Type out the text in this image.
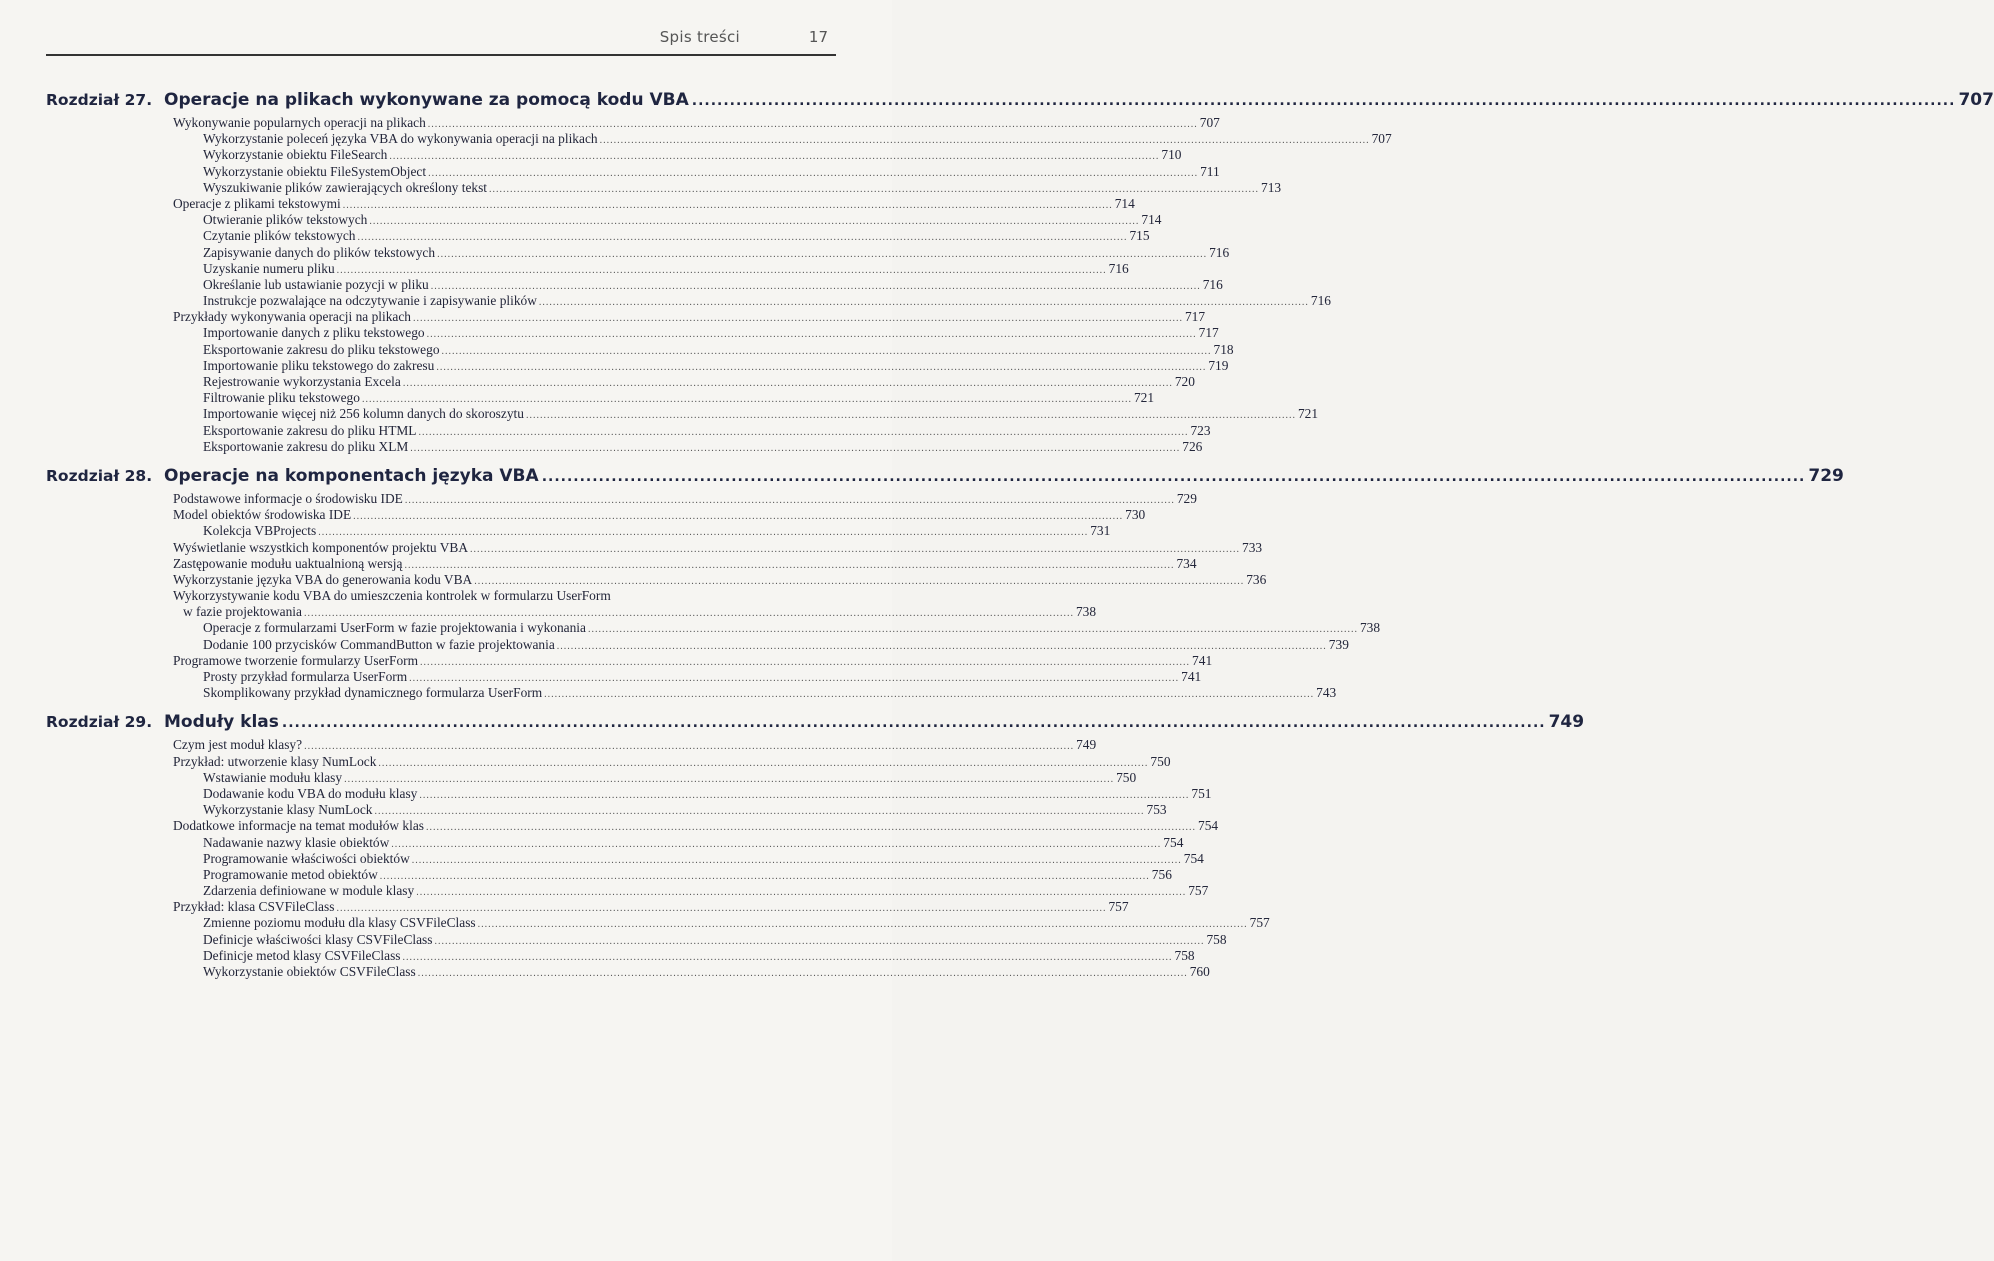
Spis treści	17
Rozdział 27. Operacje na plikach wykonywane za pomocą kodu VBA ........................................................................................................................................................................................................ 707
Wykonywanie popularnych operacji na plikach ............................................................................................................................................................................................................................ 707
Wykorzystanie poleceń języka VBA do wykonywania operacji na plikach ............................................................................................................................................................................................................................ 707
Wykorzystanie obiektu FileSearch ............................................................................................................................................................................................................................ 710
Wykorzystanie obiektu FileSystemObject ............................................................................................................................................................................................................................ 711
Wyszukiwanie plików zawierających określony tekst ............................................................................................................................................................................................................................ 713
Operacje z plikami tekstowymi ............................................................................................................................................................................................................................ 714
Otwieranie plików tekstowych ............................................................................................................................................................................................................................ 714
Czytanie plików tekstowych ............................................................................................................................................................................................................................ 715
Zapisywanie danych do plików tekstowych ............................................................................................................................................................................................................................ 716
Uzyskanie numeru pliku ............................................................................................................................................................................................................................ 716
Określanie lub ustawianie pozycji w pliku ............................................................................................................................................................................................................................ 716
Instrukcje pozwalające na odczytywanie i zapisywanie plików ............................................................................................................................................................................................................................ 716
Przykłady wykonywania operacji na plikach ............................................................................................................................................................................................................................ 717
Importowanie danych z pliku tekstowego ............................................................................................................................................................................................................................ 717
Eksportowanie zakresu do pliku tekstowego ............................................................................................................................................................................................................................ 718
Importowanie pliku tekstowego do zakresu ............................................................................................................................................................................................................................ 719
Rejestrowanie wykorzystania Excela ............................................................................................................................................................................................................................ 720
Filtrowanie pliku tekstowego ............................................................................................................................................................................................................................ 721
Importowanie więcej niż 256 kolumn danych do skoroszytu ............................................................................................................................................................................................................................ 721
Eksportowanie zakresu do pliku HTML ............................................................................................................................................................................................................................ 723
Eksportowanie zakresu do pliku XLM ............................................................................................................................................................................................................................ 726
Rozdział 28. Operacje na komponentach języka VBA ........................................................................................................................................................................................................ 729
Podstawowe informacje o środowisku IDE ............................................................................................................................................................................................................................ 729
Model obiektów środowiska IDE ............................................................................................................................................................................................................................ 730
Kolekcja VBProjects ............................................................................................................................................................................................................................ 731
Wyświetlanie wszystkich komponentów projektu VBA ............................................................................................................................................................................................................................ 733
Zastępowanie modułu uaktualnioną wersją ............................................................................................................................................................................................................................ 734
Wykorzystanie języka VBA do generowania kodu VBA ............................................................................................................................................................................................................................ 736
Wykorzystywanie kodu VBA do umieszczenia kontrolek w formularzu UserForm
w fazie projektowania ............................................................................................................................................................................................................................ 738
Operacje z formularzami UserForm w fazie projektowania i wykonania ............................................................................................................................................................................................................................ 738
Dodanie 100 przycisków CommandButton w fazie projektowania ............................................................................................................................................................................................................................ 739
Programowe tworzenie formularzy UserForm ............................................................................................................................................................................................................................ 741
Prosty przykład formularza UserForm ............................................................................................................................................................................................................................ 741
Skomplikowany przykład dynamicznego formularza UserForm ............................................................................................................................................................................................................................ 743
Rozdział 29. Moduły klas ........................................................................................................................................................................................................ 749
Czym jest moduł klasy? ............................................................................................................................................................................................................................ 749
Przykład: utworzenie klasy NumLock ............................................................................................................................................................................................................................ 750
Wstawianie modułu klasy ............................................................................................................................................................................................................................ 750
Dodawanie kodu VBA do modułu klasy ............................................................................................................................................................................................................................ 751
Wykorzystanie klasy NumLock ............................................................................................................................................................................................................................ 753
Dodatkowe informacje na temat modułów klas ............................................................................................................................................................................................................................ 754
Nadawanie nazwy klasie obiektów ............................................................................................................................................................................................................................ 754
Programowanie właściwości obiektów ............................................................................................................................................................................................................................ 754
Programowanie metod obiektów ............................................................................................................................................................................................................................ 756
Zdarzenia definiowane w module klasy ............................................................................................................................................................................................................................ 757
Przykład: klasa CSVFileClass ............................................................................................................................................................................................................................ 757
Zmienne poziomu modułu dla klasy CSVFileClass ............................................................................................................................................................................................................................ 757
Definicje właściwości klasy CSVFileClass ............................................................................................................................................................................................................................ 758
Definicje metod klasy CSVFileClass ............................................................................................................................................................................................................................ 758
Wykorzystanie obiektów CSVFileClass ............................................................................................................................................................................................................................ 760
